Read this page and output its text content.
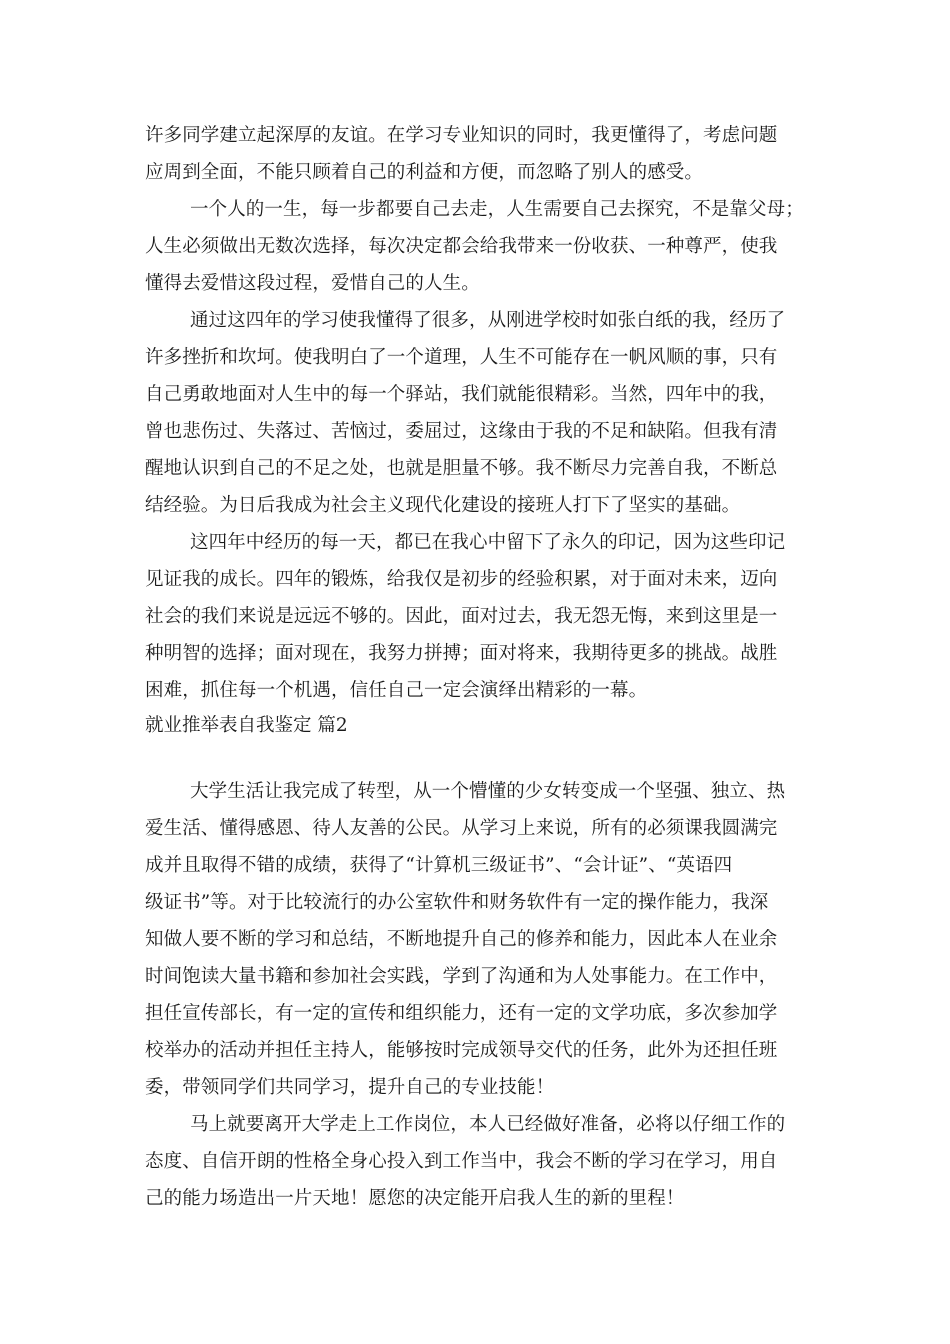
许多同学建立起深厚的友谊。在学习专业知识的同时，我更懂得了，考虑问题
应周到全面，不能只顾着自己的利益和方便，而忽略了别人的感受。
一个人的一生，每一步都要自己去走，人生需要自己去探究，不是靠父母；
人生必须做出无数次选择，每次决定都会给我带来一份收获、一种尊严，使我
懂得去爱惜这段过程，爱惜自己的人生。
通过这四年的学习使我懂得了很多，从刚进学校时如张白纸的我，经历了
许多挫折和坎坷。使我明白了一个道理，人生不可能存在一帆风顺的事，只有
自己勇敢地面对人生中的每一个驿站，我们就能很精彩。当然，四年中的我，
曾也悲伤过、失落过、苦恼过，委屈过，这缘由于我的不足和缺陷。但我有清
醒地认识到自己的不足之处，也就是胆量不够。我不断尽力完善自我，不断总
结经验。为日后我成为社会主义现代化建设的接班人打下了坚实的基础。
这四年中经历的每一天，都已在我心中留下了永久的印记，因为这些印记
见证我的成长。四年的锻炼，给我仅是初步的经验积累，对于面对未来，迈向
社会的我们来说是远远不够的。因此，面对过去，我无怨无悔，来到这里是一
种明智的选择；面对现在，我努力拼搏；面对将来，我期待更多的挑战。战胜
困难，抓住每一个机遇，信任自己一定会演绎出精彩的一幕。
就业推举表自我鉴定 篇2
大学生活让我完成了转型，从一个懵懂的少女转变成一个坚强、独立、热
爱生活、懂得感恩、待人友善的公民。从学习上来说，所有的必须课我圆满完
成并且取得不错的成绩，获得了“计算机三级证书”、“会计证”、“英语四
级证书”等。对于比较流行的办公室软件和财务软件有一定的操作能力，我深
知做人要不断的学习和总结，不断地提升自己的修养和能力，因此本人在业余
时间饱读大量书籍和参加社会实践，学到了沟通和为人处事能力。在工作中，
担任宣传部长，有一定的宣传和组织能力，还有一定的文学功底，多次参加学
校举办的活动并担任主持人，能够按时完成领导交代的任务，此外为还担任班
委，带领同学们共同学习，提升自己的专业技能！
马上就要离开大学走上工作岗位，本人已经做好准备，必将以仔细工作的
态度、自信开朗的性格全身心投入到工作当中，我会不断的学习在学习，用自
己的能力场造出一片天地！愿您的决定能开启我人生的新的里程！
